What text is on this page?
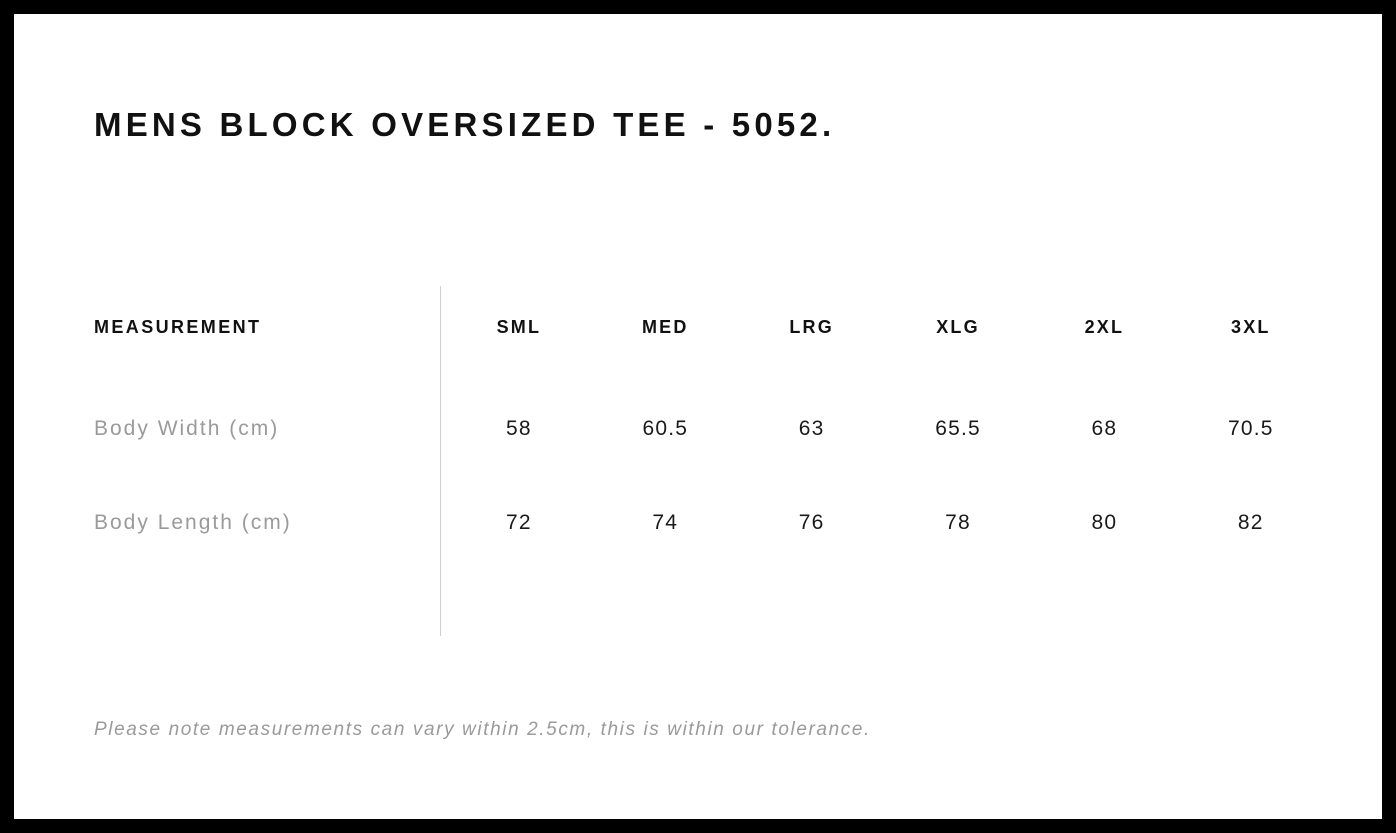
MENS BLOCK OVERSIZED TEE - 5052.
MEASUREMENT	SML	MED	LRG	XLG	2XL	3XL
Body Width (cm)	58	60.5	63	65.5	68	70.5
Body Length (cm)	72	74	76	78	80	82
Please note measurements can vary within 2.5cm, this is within our tolerance.
